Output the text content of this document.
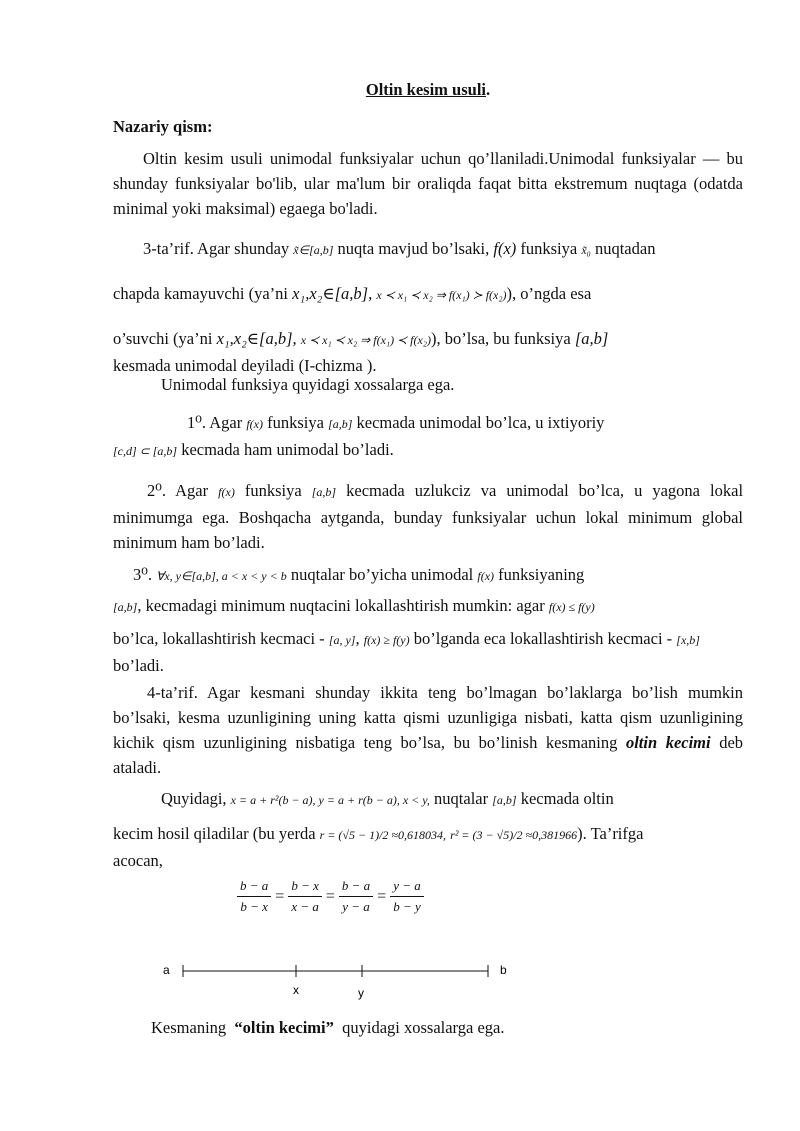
Oltin kesim usuli.

Nazariy qism:

Oltin kesim usuli unimodal funksiyalar uchun qo’llaniladi.Unimodal funksiyalar — bu shunday funksiyalar bo'lib, ular ma'lum bir oraliqda faqat bitta ekstremum nuqtaga (odatda minimal yoki maksimal) egaega bo'ladi.

3-ta’rif. Agar shunday x̃∈[a,b] nuqta mavjud bo’lsaki, f(x) funksiya x̃₀ nuqtadan

chapda kamayuvchi (ya’ni x₁,x₂∈[a,b], x ≺ x₁ ≺ x₂ ⇒ f(x₁) ≻ f(x₂)), o’ngda esa

o’suvchi (ya’ni x₁,x₂∈[a,b], x ≺ x₁ ≺ x₂ ⇒ f(x₁) ≺ f(x₂)), bo’lsa, bu funksiya [a,b]

kesmada unimodal deyiladi (I-chizma ).

Unimodal funksiya quyidagi xossalarga ega.

1⁰. Agar f(x) funksiya [a,b] kecmada unimodal bo’lca, u ixtiyoriy

[c,d] ⊂ [a,b] kecmada ham unimodal bo’ladi.

2⁰. Agar f(x) funksiya [a,b] kecmada uzlukciz va unimodal bo’lca, u yagona lokal minimumga ega. Boshqacha aytganda, bunday funksiyalar uchun lokal minimum global minimum ham bo’ladi.

3⁰. ∀x, y∈[a,b], a < x < y < b nuqtalar bo’yicha unimodal f(x) funksiyaning

[a,b], kecmadagi minimum nuqtacini lokallashtirish mumkin: agar f(x) ≤ f(y)

bo’lca, lokallashtirish kecmaci - [a, y], f(x) ≥ f(y) bo’lganda eca lokallashtirish kecmaci - [x,b] bo’ladi.

4-ta’rif. Agar kesmani shunday ikkita teng bo’lmagan bo’laklarga bo’lish mumkin bo’lsaki, kesma uzunligining uning katta qismi uzunligiga nisbati, katta qism uzunligining kichik qism uzunligining nisbatiga teng bo’lsa, bu bo’linish kesmaning oltin kecimi deb ataladi.

Quyidagi, x = a + r²(b − a), y = a + r(b − a), x < y, nuqtalar [a,b] kecmada oltin

kecim hosil qiladilar (bu yerda r = (√5 − 1)/2 ≈0,618034, r² = (3 − √5)/2 ≈0,381966). Ta’rifga

acocan,

$\frac{b - a}{b - x} = \frac{b - x}{x - a} = \frac{b - a}{y - a} = \frac{y - a}{b - y}$
a	b
x	y

Kesmaning “oltin kecimi” quyidagi xossalarga ega.
